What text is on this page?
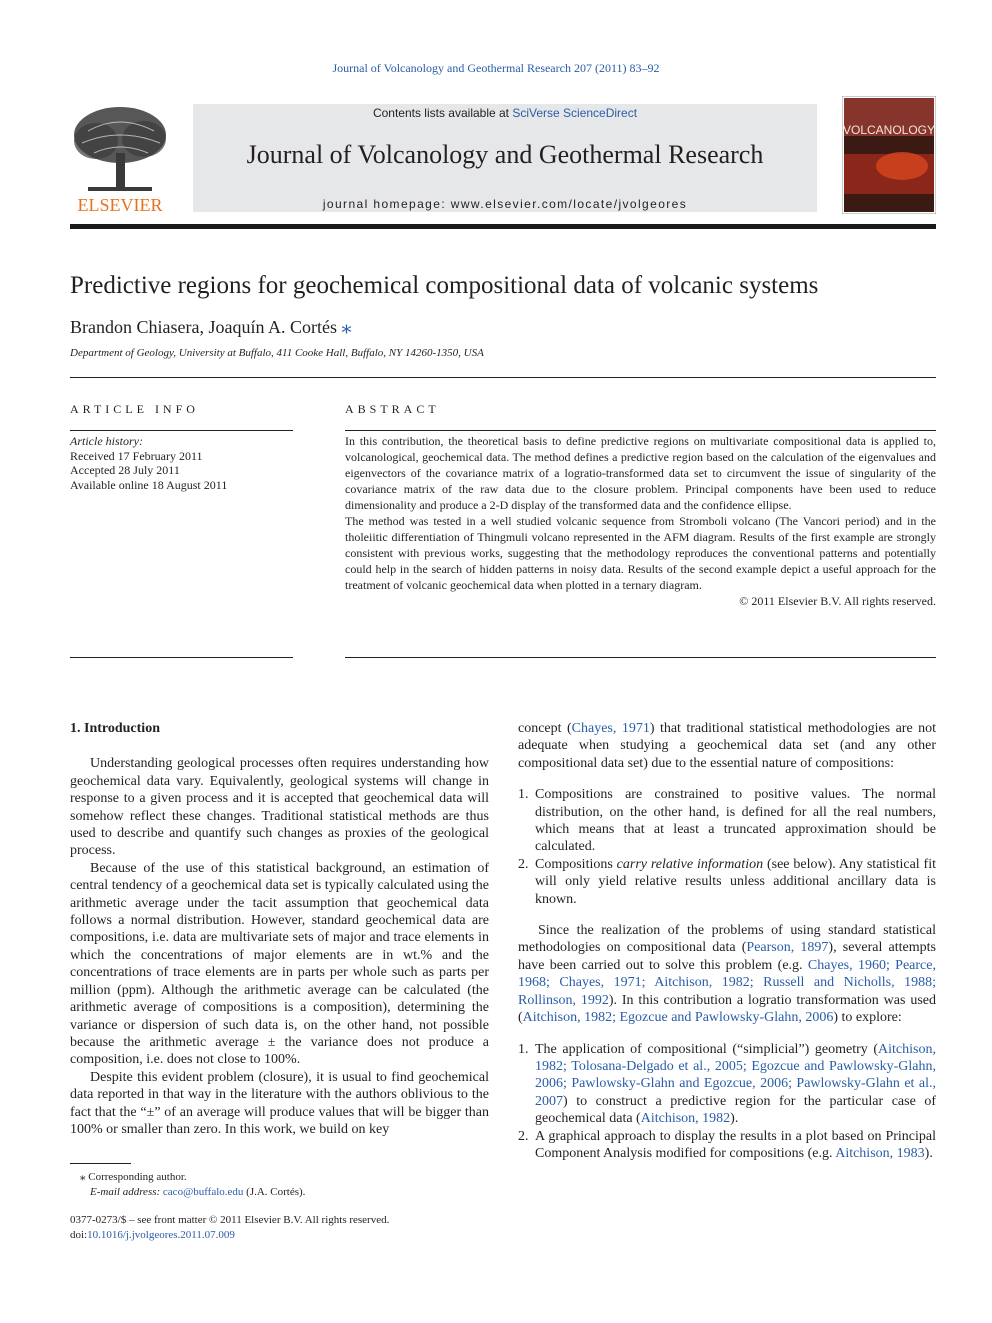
Journal of Volcanology and Geothermal Research 207 (2011) 83–92
ELSEVIER
Contents lists available at SciVerse ScienceDirect
Journal of Volcanology and Geothermal Research
journal homepage: www.elsevier.com/locate/jvolgeores
VOLCANOLOGY
Predictive regions for geochemical compositional data of volcanic systems
Brandon Chiasera, Joaquín A. Cortés ⁎
Department of Geology, University at Buffalo, 411 Cooke Hall, Buffalo, NY 14260-1350, USA
ARTICLE INFO
Article history:
Received 17 February 2011
Accepted 28 July 2011
Available online 18 August 2011
ABSTRACT

In this contribution, the theoretical basis to define predictive regions on multivariate compositional data is applied to, volcanological, geochemical data. The method defines a predictive region based on the calculation of the eigenvalues and eigenvectors of the covariance matrix of a logratio-transformed data set to circumvent the issue of singularity of the covariance matrix of the raw data due to the closure problem. Principal components have been used to reduce dimensionality and produce a 2-D display of the transformed data and the confidence ellipse.

The method was tested in a well studied volcanic sequence from Stromboli volcano (The Vancori period) and in the tholeiitic differentiation of Thingmuli volcano represented in the AFM diagram. Results of the first example are strongly consistent with previous works, suggesting that the methodology reproduces the conventional patterns and potentially could help in the search of hidden patterns in noisy data. Results of the second example depict a useful approach for the treatment of volcanic geochemical data when plotted in a ternary diagram.

© 2011 Elsevier B.V. All rights reserved.

1. Introduction

Understanding geological processes often requires understanding how geochemical data vary. Equivalently, geological systems will change in response to a given process and it is accepted that geochemical data will somehow reflect these changes. Traditional statistical methods are thus used to describe and quantify such changes as proxies of the geological process.

Because of the use of this statistical background, an estimation of central tendency of a geochemical data set is typically calculated using the arithmetic average under the tacit assumption that geochemical data follows a normal distribution. However, standard geochemical data are compositions, i.e. data are multivariate sets of major and trace elements in which the concentrations of major elements are in wt.% and the concentrations of trace elements are in parts per whole such as parts per million (ppm). Although the arithmetic average can be calculated (the arithmetic average of compositions is a composition), determining the variance or dispersion of such data is, on the other hand, not possible because the arithmetic average ± the variance does not produce a composition, i.e. does not close to 100%.

Despite this evident problem (closure), it is usual to find geochemical data reported in that way in the literature with the authors oblivious to the fact that the “±” of an average will produce values that will be bigger than 100% or smaller than zero. In this work, we build on key

concept (Chayes, 1971) that traditional statistical methodologies are not adequate when studying a geochemical data set (and any other compositional data set) due to the essential nature of compositions:

1. Compositions are constrained to positive values. The normal distribution, on the other hand, is defined for all the real numbers, which means that at least a truncated approximation should be calculated.
2. Compositions carry relative information (see below). Any statistical fit will only yield relative results unless additional ancillary data is known.

Since the realization of the problems of using standard statistical methodologies on compositional data (Pearson, 1897), several attempts have been carried out to solve this problem (e.g. Chayes, 1960; Pearce, 1968; Chayes, 1971; Aitchison, 1982; Russell and Nicholls, 1988; Rollinson, 1992). In this contribution a logratio transformation was used (Aitchison, 1982; Egozcue and Pawlowsky-Glahn, 2006) to explore:

1. The application of compositional (“simplicial”) geometry (Aitchison, 1982; Tolosana-Delgado et al., 2005; Egozcue and Pawlowsky-Glahn, 2006; Pawlowsky-Glahn and Egozcue, 2006; Pawlowsky-Glahn et al., 2007) to construct a predictive region for the particular case of geochemical data (Aitchison, 1982).
2. A graphical approach to display the results in a plot based on Principal Component Analysis modified for compositions (e.g. Aitchison, 1983).
⁎ Corresponding author.
E-mail address: caco@buffalo.edu (J.A. Cortés).
0377-0273/$ – see front matter © 2011 Elsevier B.V. All rights reserved.
doi:10.1016/j.jvolgeores.2011.07.009
